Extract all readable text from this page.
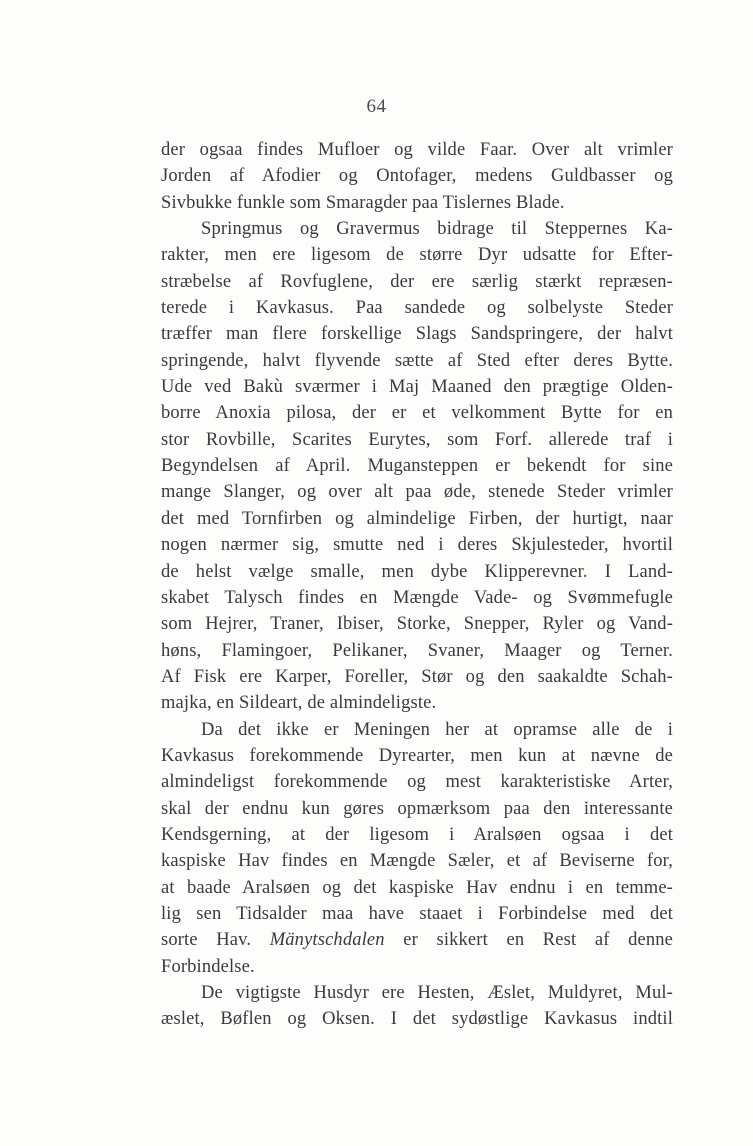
64
der ogsaa findes Mufloer og vilde Faar. Over alt vrimler
Jorden af Afodier og Ontofager, medens Guldbasser og
Sivbukke funkle som Smaragder paa Tislernes Blade.
Springmus og Gravermus bidrage til Steppernes Ka-
rakter, men ere ligesom de større Dyr udsatte for Efter-
stræbelse af Rovfuglene, der ere særlig stærkt repræsen-
terede i Kavkasus. Paa sandede og solbelyste Steder
træffer man flere forskellige Slags Sandspringere, der halvt
springende, halvt flyvende sætte af Sted efter deres Bytte.
Ude ved Bakù sværmer i Maj Maaned den prægtige Olden-
borre Anoxia pilosa, der er et velkomment Bytte for en
stor Rovbille, Scarites Eurytes, som Forf. allerede traf i
Begyndelsen af April. Muganstеppen er bekendt for sine
mange Slanger, og over alt paa øde, stenede Steder vrimler
det med Tornfirben og almindelige Firben, der hurtigt, naar
nogen nærmer sig, smutte ned i deres Skjulesteder, hvortil
de helst vælge smalle, men dybe Klipperevner. I Land-
skabet Talysch findes en Mængde Vade- og Svømmefugle
som Hejrer, Traner, Ibiser, Storke, Snepper, Ryler og Vand-
høns, Flamingoer, Pelikaner, Svaner, Maager og Terner.
Af Fisk ere Karper, Foreller, Stør og den saakaldte Schah-
majka, en Sildeart, de almindeligste.
Da det ikke er Meningen her at opramse alle de i
Kavkasus forekommende Dyrearter, men kun at nævne de
almindeligst forekommende og mest karakteristiske Arter,
skal der endnu kun gøres opmærksom paa den interessante
Kendsgerning, at der ligesom i Aralsøen ogsaa i det
kaspiske Hav findes en Mængde Sæler, et af Beviserne for,
at baade Aralsøen og det kaspiske Hav endnu i en temme-
lig sen Tidsalder maa have staaet i Forbindelse med det
sorte Hav. Mänytschdalen er sikkert en Rest af denne
Forbindelse.
De vigtigste Husdyr ere Hesten, Æslet, Muldyret, Mul-
æslet, Bøflen og Oksen. I det sydøstlige Kavkasus indtil
